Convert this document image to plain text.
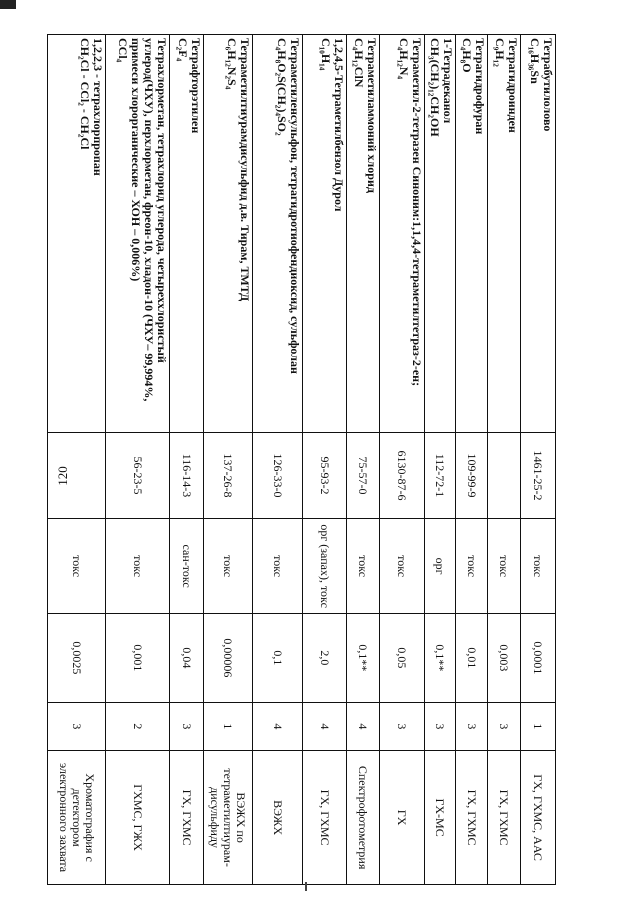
120
Тетрабутилолово
C₁₆H₃₆Sn	1461-25-2	токс	0,0001	1	ГХ, ГХМС, ААС

Тетрагидроинден
C₉H₁₂		токс	0,003	3	ГХ, ГХМС

Тетрагидрофуран
C₄H₈O	109-99-9	токс	0,01	3	ГХ, ГХМС

1-Тетрадеканол
CH₃(CH₂)₁₂CH₂OH	112-72-1	орг	0,1**	3	ГХ-МС

Тетраметил-2-тетразен Синоним:1,1,4,4-тетраметилтетраз-2-ен;
C₄H₁₂N₄	6130-87-6	токс	0,05	3	ГХ

Тетраметиламмоний хлорид
C₄H₁₂ClN	75-57-0	токс	0,1**	4	Спектрофотометрия

1,2,4,5-Тетраметилбензол Дурол
C₁₀H₁₄	95-93-2	орг (запах), токс	2,0	4	ГХ, ГХМС

Тетраметиленсульфон, тетрагидротиофендиоксид, сульфолан
C₄H₈O₂S(CH₂)₄SO₂	126-33-0	токс	0,1	4	ВЭЖХ

Тетраметилтиурамдисульфид д.в. Тирам, ТМТД
C₆H₁₂N₂S₄	137-26-8	токс	0,00006	1	ВЭЖХ по тетраметилтиурам-дисульфиду

Тетрафторэтилен
C₂F₄	116-14-3	сан-токс	0,04	3	ГХ, ГХМС

Тетрахлорметан, тетрахлорид углерода, четыреххлористый углерод(ЧХУ), перхлорметан, фреон-10, хладон-10 (ЧХУ– 99,994%, примеси хлорорганические – ХОН – 0,006%)
CCl₄	56-23-5	токс	0,001	2	ГХМС, ГЖХ

1,2,2,3 - тетрахлорпропан
CH₂Cl - CCl₂ - CH₂Cl		токс	0,0025	3	Хроматография с детектором электронного захвата
